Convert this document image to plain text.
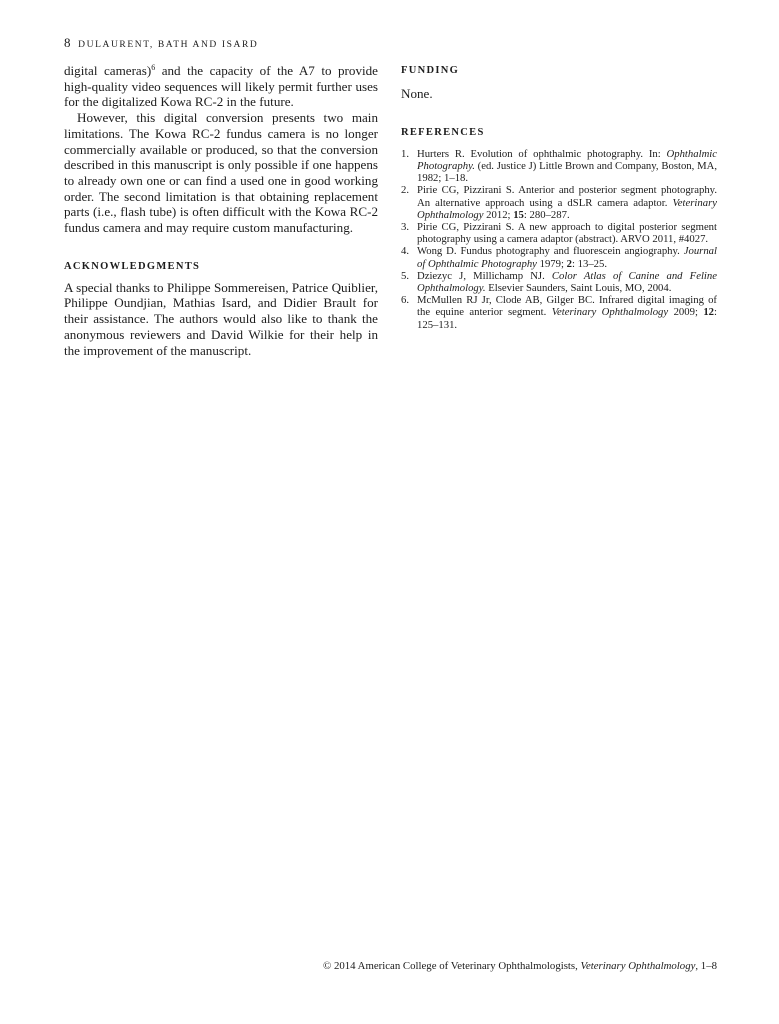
8 DULAURENT, BATH AND ISARD

digital cameras)$^6$ and the capacity of the A7 to provide high-quality video sequences will likely permit further uses for the digitalized Kowa RC-2 in the future.

However, this digital conversion presents two main limitations. The Kowa RC-2 fundus camera is no longer commercially available or produced, so that the conversion described in this manuscript is only possible if one happens to already own one or can find a used one in good working order. The second limitation is that obtaining replacement parts (i.e., flash tube) is often difficult with the Kowa RC-2 fundus camera and may require custom manufacturing.

ACKNOWLEDGMENTS

A special thanks to Philippe Sommereisen, Patrice Quiblier, Philippe Oundjian, Mathias Isard, and Didier Brault for their assistance. The authors would also like to thank the anonymous reviewers and David Wilkie for their help in the improvement of the manuscript.

FUNDING

None.

REFERENCES
1. Hurters R. Evolution of ophthalmic photography. In: Ophthalmic Photography. (ed. Justice J) Little Brown and Company, Boston, MA, 1982; 1–18.
2. Pirie CG, Pizzirani S. Anterior and posterior segment photography. An alternative approach using a dSLR camera adaptor. Veterinary Ophthalmology 2012; 15: 280–287.
3. Pirie CG, Pizzirani S. A new approach to digital posterior segment photography using a camera adaptor (abstract). ARVO 2011, #4027.
4. Wong D. Fundus photography and fluorescein angiography. Journal of Ophthalmic Photography 1979; 2: 13–25.
5. Dziezyc J, Millichamp NJ. Color Atlas of Canine and Feline Ophthalmology. Elsevier Saunders, Saint Louis, MO, 2004.
6. McMullen RJ Jr, Clode AB, Gilger BC. Infrared digital imaging of the equine anterior segment. Veterinary Ophthalmology 2009; 12: 125–131.
© 2014 American College of Veterinary Ophthalmologists, Veterinary Ophthalmology, 1–8
